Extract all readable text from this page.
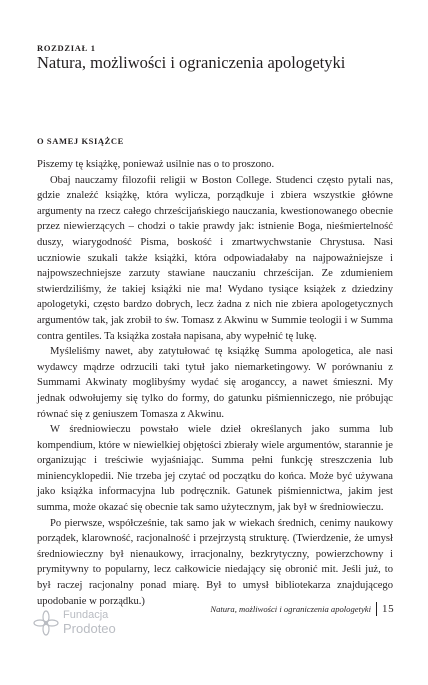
ROZDZIAŁ 1
Natura, możliwości i ograniczenia apologetyki
O SAMEJ KSIĄŻCE

Piszemy tę książkę, ponieważ usilnie nas o to proszono.

Obaj nauczamy filozofii religii w Boston College. Studenci często pytali nas, gdzie znaleźć książkę, która wylicza, porządkuje i zbiera wszystkie główne argumenty na rzecz całego chrześcijańskiego nauczania, kwestionowanego obecnie przez niewierzących – chodzi o takie prawdy jak: istnienie Boga, nieśmiertelność duszy, wiarygodność Pisma, boskość i zmartwychwstanie Chrystusa. Nasi uczniowie szukali także książki, która odpowiadałaby na najpoważniejsze i najpowszechniejsze zarzuty stawiane nauczaniu chrześcijan. Ze zdumieniem stwierdziliśmy, że takiej książki nie ma! Wydano tysiące książek z dziedziny apologetyki, często bardzo dobrych, lecz żadna z nich nie zbiera apologetycznych argumentów tak, jak zrobił to św. Tomasz z Akwinu w Summie teologii i w Summa contra gentiles. Ta książka została napisana, aby wypełnić tę lukę.

Myśleliśmy nawet, aby zatytułować tę książkę Summa apologetica, ale nasi wydawcy mądrze odrzucili taki tytuł jako niemarketingowy. W porównaniu z Summami Akwinaty moglibyśmy wydać się aroganccy, a nawet śmieszni. My jednak odwołujemy się tylko do formy, do gatunku piśmienniczego, nie próbując równać się z geniuszem Tomasza z Akwinu.

W średniowieczu powstało wiele dzieł określanych jako summa lub kompendium, które w niewielkiej objętości zbierały wiele argumentów, starannie je organizując i treściwie wyjaśniając. Summa pełni funkcję streszczenia lub miniencyklopedii. Nie trzeba jej czytać od początku do końca. Może być używana jako książka informacyjna lub podręcznik. Gatunek piśmiennictwa, jakim jest summa, może okazać się obecnie tak samo użytecznym, jak był w średniowieczu.

Po pierwsze, współcześnie, tak samo jak w wiekach średnich, cenimy naukowy porządek, klarowność, racjonalność i przejrzystą strukturę. (Twierdzenie, że umysł średniowieczny był nienaukowy, irracjonalny, bezkrytyczny, powierzchowny i prymitywny to popularny, lecz całkowicie niedający się obronić mit. Jeśli już, to był raczej racjonalny ponad miarę. Był to umysł bibliotekarza znajdującego upodobanie w porządku.)

Fundacja
Prodoteo
Natura, możliwości i ograniczenia apologetyki 15
